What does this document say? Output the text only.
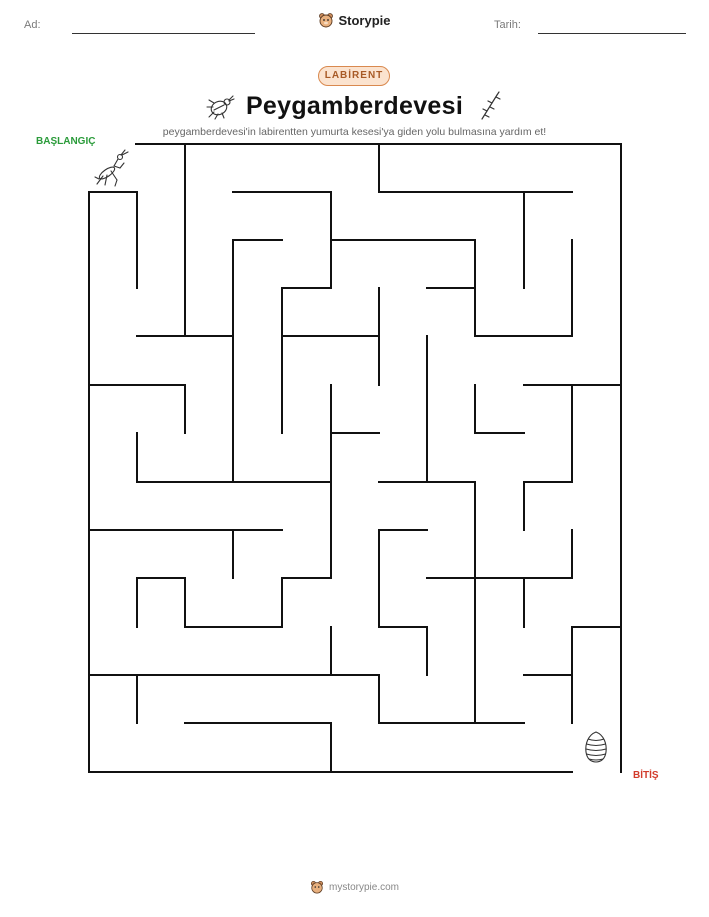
Ad:	Storypie	Tarih:
LABİRENT
Peygamberdevesi
peygamberdevesi'in labirentten yumurta kesesi'ya giden yolu bulmasına yardım et!
BAŞLANGIÇ
BİTİŞ
mystorypie.com
